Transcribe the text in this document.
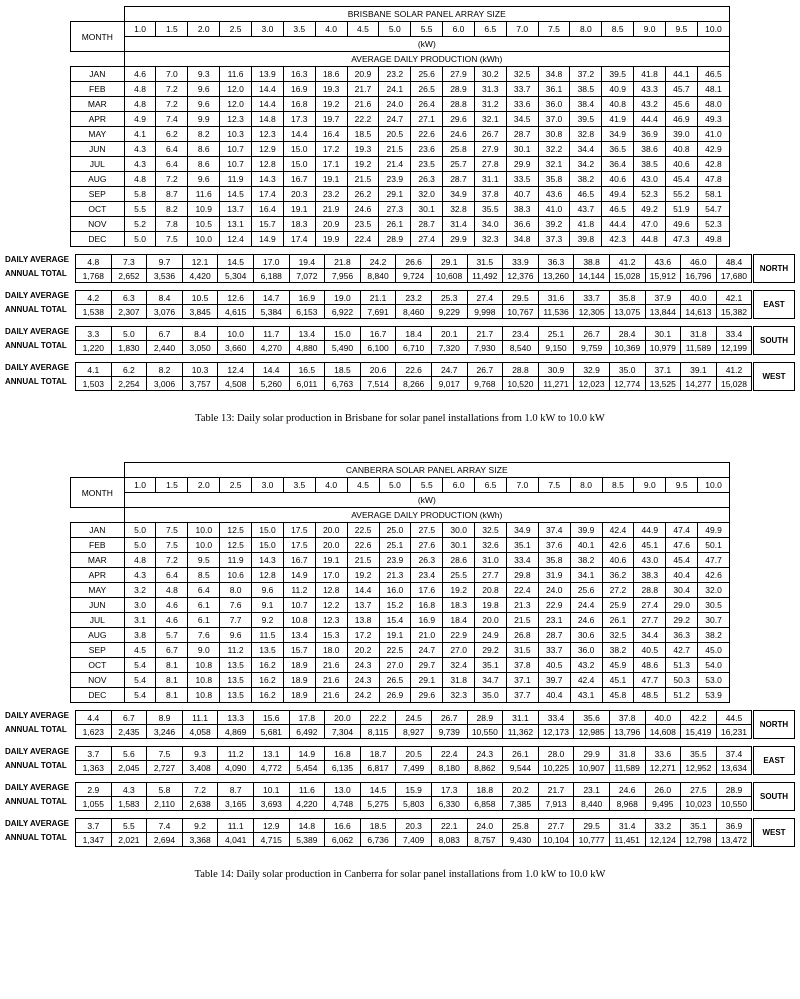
	BRISBANE SOLAR PANEL ARRAY SIZE																		
MONTH	1.0	1.5	2.0	2.5	3.0	3.5	4.0	4.5	5.0	5.5	6.0	6.5	7.0	7.5	8.0	8.5	9.0	9.5	10.0
	(kW)																		
	AVERAGE DAILY PRODUCTION (kWh)																		
JAN	4.6	7.0	9.3	11.6	13.9	16.3	18.6	20.9	23.2	25.6	27.9	30.2	32.5	34.8	37.2	39.5	41.8	44.1	46.5
FEB	4.8	7.2	9.6	12.0	14.4	16.9	19.3	21.7	24.1	26.5	28.9	31.3	33.7	36.1	38.5	40.9	43.3	45.7	48.1
MAR	4.8	7.2	9.6	12.0	14.4	16.8	19.2	21.6	24.0	26.4	28.8	31.2	33.6	36.0	38.4	40.8	43.2	45.6	48.0
APR	4.9	7.4	9.9	12.3	14.8	17.3	19.7	22.2	24.7	27.1	29.6	32.1	34.5	37.0	39.5	41.9	44.4	46.9	49.3
MAY	4.1	6.2	8.2	10.3	12.3	14.4	16.4	18.5	20.5	22.6	24.6	26.7	28.7	30.8	32.8	34.9	36.9	39.0	41.0
JUN	4.3	6.4	8.6	10.7	12.9	15.0	17.2	19.3	21.5	23.6	25.8	27.9	30.1	32.2	34.4	36.5	38.6	40.8	42.9
JUL	4.3	6.4	8.6	10.7	12.8	15.0	17.1	19.2	21.4	23.5	25.7	27.8	29.9	32.1	34.2	36.4	38.5	40.6	42.8
AUG	4.8	7.2	9.6	11.9	14.3	16.7	19.1	21.5	23.9	26.3	28.7	31.1	33.5	35.8	38.2	40.6	43.0	45.4	47.8
SEP	5.8	8.7	11.6	14.5	17.4	20.3	23.2	26.2	29.1	32.0	34.9	37.8	40.7	43.6	46.5	49.4	52.3	55.2	58.1
OCT	5.5	8.2	10.9	13.7	16.4	19.1	21.9	24.6	27.3	30.1	32.8	35.5	38.3	41.0	43.7	46.5	49.2	51.9	54.7
NOV	5.2	7.8	10.5	13.1	15.7	18.3	20.9	23.5	26.1	28.7	31.4	34.0	36.6	39.2	41.8	44.4	47.0	49.6	52.3
DEC	5.0	7.5	10.0	12.4	14.9	17.4	19.9	22.4	28.9	27.4	29.9	32.3	34.8	37.3	39.8	42.3	44.8	47.3	49.8
DAILY AVERAGE
ANNUAL TOTAL
4.8	7.3	9.7	12.1	14.5	17.0	19.4	21.8	24.2	26.6	29.1	31.5	33.9	36.3	38.8	41.2	43.6	46.0	48.4
1,768	2,652	3,536	4,420	5,304	6,188	7,072	7,956	8,840	9,724	10,608	11,492	12,376	13,260	14,144	15,028	15,912	16,796	17,680
NORTH
DAILY AVERAGE
ANNUAL TOTAL
4.2	6.3	8.4	10.5	12.6	14.7	16.9	19.0	21.1	23.2	25.3	27.4	29.5	31.6	33.7	35.8	37.9	40.0	42.1
1,538	2,307	3,076	3,845	4,615	5,384	6,153	6,922	7,691	8,460	9,229	9,998	10,767	11,536	12,305	13,075	13,844	14,613	15,382
EAST
DAILY AVERAGE
ANNUAL TOTAL
3.3	5.0	6.7	8.4	10.0	11.7	13.4	15.0	16.7	18.4	20.1	21.7	23.4	25.1	26.7	28.4	30.1	31.8	33.4
1,220	1,830	2,440	3,050	3,660	4,270	4,880	5,490	6,100	6,710	7,320	7,930	8,540	9,150	9,759	10,369	10,979	11,589	12,199
SOUTH
DAILY AVERAGE
ANNUAL TOTAL
4.1	6.2	8.2	10.3	12.4	14.4	16.5	18.5	20.6	22.6	24.7	26.7	28.8	30.9	32.9	35.0	37.1	39.1	41.2
1,503	2,254	3,006	3,757	4,508	5,260	6,011	6,763	7,514	8,266	9,017	9,768	10,520	11,271	12,023	12,774	13,525	14,277	15,028
WEST
Table 13: Daily solar production in Brisbane for solar panel installations from 1.0 kW to 10.0 kW
	CANBERRA SOLAR PANEL ARRAY SIZE																		
MONTH	1.0	1.5	2.0	2.5	3.0	3.5	4.0	4.5	5.0	5.5	6.0	6.5	7.0	7.5	8.0	8.5	9.0	9.5	10.0
	(kW)																		
	AVERAGE DAILY PRODUCTION (kWh)																		
JAN	5.0	7.5	10.0	12.5	15.0	17.5	20.0	22.5	25.0	27.5	30.0	32.5	34.9	37.4	39.9	42.4	44.9	47.4	49.9
FEB	5.0	7.5	10.0	12.5	15.0	17.5	20.0	22.6	25.1	27.6	30.1	32.6	35.1	37.6	40.1	42.6	45.1	47.6	50.1
MAR	4.8	7.2	9.5	11.9	14.3	16.7	19.1	21.5	23.9	26.3	28.6	31.0	33.4	35.8	38.2	40.6	43.0	45.4	47.7
APR	4.3	6.4	8.5	10.6	12.8	14.9	17.0	19.2	21.3	23.4	25.5	27.7	29.8	31.9	34.1	36.2	38.3	40.4	42.6
MAY	3.2	4.8	6.4	8.0	9.6	11.2	12.8	14.4	16.0	17.6	19.2	20.8	22.4	24.0	25.6	27.2	28.8	30.4	32.0
JUN	3.0	4.6	6.1	7.6	9.1	10.7	12.2	13.7	15.2	16.8	18.3	19.8	21.3	22.9	24.4	25.9	27.4	29.0	30.5
JUL	3.1	4.6	6.1	7.7	9.2	10.8	12.3	13.8	15.4	16.9	18.4	20.0	21.5	23.1	24.6	26.1	27.7	29.2	30.7
AUG	3.8	5.7	7.6	9.6	11.5	13.4	15.3	17.2	19.1	21.0	22.9	24.9	26.8	28.7	30.6	32.5	34.4	36.3	38.2
SEP	4.5	6.7	9.0	11.2	13.5	15.7	18.0	20.2	22.5	24.7	27.0	29.2	31.5	33.7	36.0	38.2	40.5	42.7	45.0
OCT	5.4	8.1	10.8	13.5	16.2	18.9	21.6	24.3	27.0	29.7	32.4	35.1	37.8	40.5	43.2	45.9	48.6	51.3	54.0
NOV	5.4	8.1	10.8	13.5	16.2	18.9	21.6	24.3	26.5	29.1	31.8	34.7	37.1	39.7	42.4	45.1	47.7	50.3	53.0
DEC	5.4	8.1	10.8	13.5	16.2	18.9	21.6	24.2	26.9	29.6	32.3	35.0	37.7	40.4	43.1	45.8	48.5	51.2	53.9
DAILY AVERAGE
ANNUAL TOTAL
4.4	6.7	8.9	11.1	13.3	15.6	17.8	20.0	22.2	24.5	26.7	28.9	31.1	33.4	35.6	37.8	40.0	42.2	44.5
1,623	2,435	3,246	4,058	4,869	5,681	6,492	7,304	8,115	8,927	9,739	10,550	11,362	12,173	12,985	13,796	14,608	15,419	16,231
NORTH
DAILY AVERAGE
ANNUAL TOTAL
3.7	5.6	7.5	9.3	11.2	13.1	14.9	16.8	18.7	20.5	22.4	24.3	26.1	28.0	29.9	31.8	33.6	35.5	37.4
1,363	2,045	2,727	3,408	4,090	4,772	5,454	6,135	6,817	7,499	8,180	8,862	9,544	10,225	10,907	11,589	12,271	12,952	13,634
EAST
DAILY AVERAGE
ANNUAL TOTAL
2.9	4.3	5.8	7.2	8.7	10.1	11.6	13.0	14.5	15.9	17.3	18.8	20.2	21.7	23.1	24.6	26.0	27.5	28.9
1,055	1,583	2,110	2,638	3,165	3,693	4,220	4,748	5,275	5,803	6,330	6,858	7,385	7,913	8,440	8,968	9,495	10,023	10,550
SOUTH
DAILY AVERAGE
ANNUAL TOTAL
3.7	5.5	7.4	9.2	11.1	12.9	14.8	16.6	18.5	20.3	22.1	24.0	25.8	27.7	29.5	31.4	33.2	35.1	36.9
1,347	2,021	2,694	3,368	4,041	4,715	5,389	6,062	6,736	7,409	8,083	8,757	9,430	10,104	10,777	11,451	12,124	12,798	13,472
WEST
Table 14: Daily solar production in Canberra for solar panel installations from 1.0 kW to 10.0 kW
